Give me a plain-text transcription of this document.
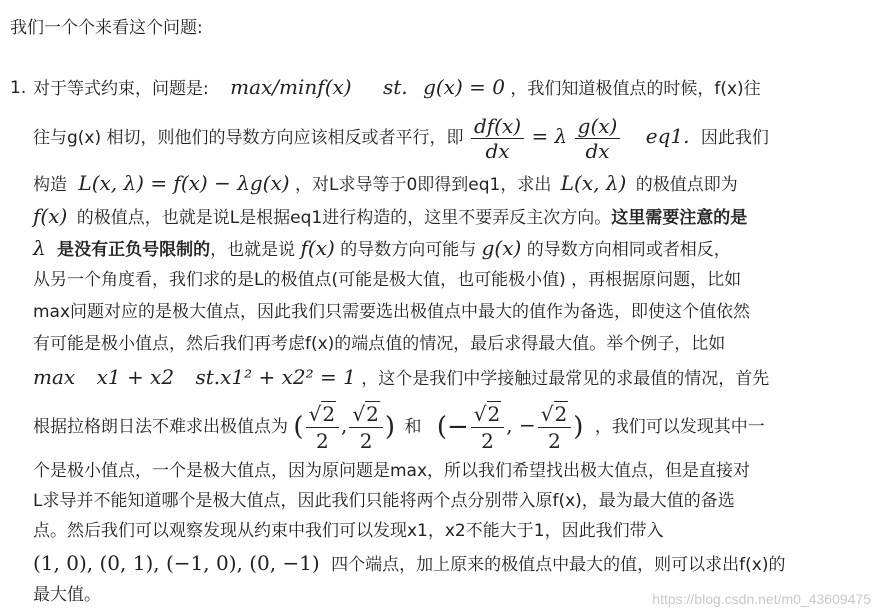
我们一个个来看这个问题:
1. 对于等式约束，问题是: max/minf(x) st. g(x) = 0 ，我们知道极值点的时候，f(x)往
往与g(x) 相切，则他们的导数方向应该相反或者平行，即 $\frac{df(x)}{dx} = \lambda \frac{g(x)}{dx} eq1$. 因此我们
构造 L(x, λ) = f(x) − λg(x) ，对L求导等于0即得到eq1，求出 L(x, λ) 的极值点即为
f(x) 的极值点，也就是说L是根据eq1进行构造的，这里不要弄反主次方向。这里需要注意的是
λ 是没有正负号限制的，也就是说 f(x) 的导数方向可能与 g(x) 的导数方向相同或者相反，
从另一个角度看，我们求的是L的极值点(可能是极大值，也可能极小值) ，再根据原问题，比如
max问题对应的是极大值点，因此我们只需要选出极值点中最大的值作为备选，即使这个值依然
有可能是极小值点，然后我们再考虑f(x)的端点值的情况，最后求得最大值。举个例子，比如
max x1 + x2 st.x1² + x2² = 1 ，这个是我们中学接触过最常见的求最值的情况，首先
根据拉格朗日法不难求出极值点为 ( $\frac{√2}{2}$ , $\frac{√2}{2}$ ) 和 (− $\frac{√2}{2}$ , − $\frac{√2}{2}$ ) ，我们可以发现其中一
个是极小值点，一个是极大值点，因为原问题是max，所以我们希望找出极大值点，但是直接对
L求导并不能知道哪个是极大值点，因此我们只能将两个点分别带入原f(x)，最为最大值的备选
点。然后我们可以观察发现从约束中我们可以发现x1，x2不能大于1，因此我们带入
(1, 0), (0, 1), (−1, 0), (0, −1) 四个端点，加上原来的极值点中最大的值，则可以求出f(x)的
最大值。	https://blog.csdn.net/m0_43609475
